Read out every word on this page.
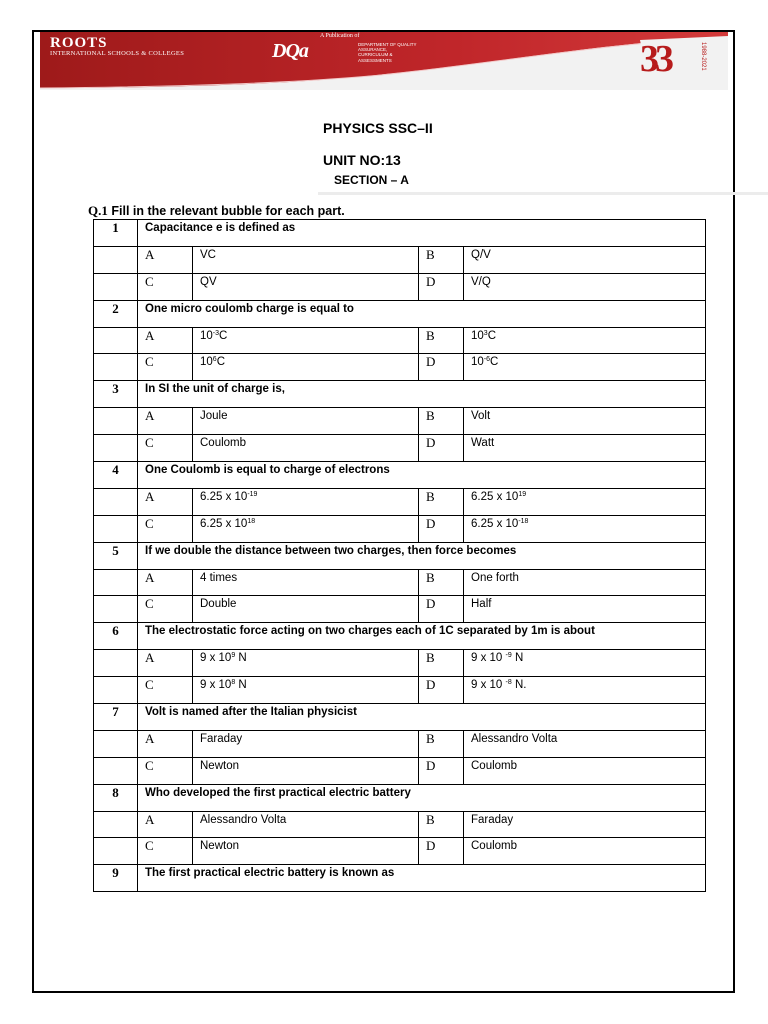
ROOTS
INTERNATIONAL SCHOOLS & COLLEGES
A Publication of
DQa	DEPARTMENT OF QUALITY ASSURANCE, CURRICULUM & ASSESSMENTS	33	1988-2021
PHYSICS SSC–II
UNIT NO:13
SECTION – A
Q.1 Fill in the relevant bubble for each part.
1	Capacitance e is defined as			
	A	VC	B	Q/V
	C	QV	D	V/Q
2	One micro coulomb charge is equal to			
	A	$10^{-3}C$	B	$10^3C$
	C	$10^6C$	D	$10^{-6}C$
3	In SI the unit of charge is,			
	A	Joule	B	Volt
	C	Coulomb	D	Watt
4	One Coulomb is equal to charge of electrons			
	A	6.25 x $10^{-19}$	B	6.25 x $10^{19}$
	C	6.25 x $10^{18}$	D	6.25 x $10^{-18}$
5	If we double the distance between two charges, then force becomes			
	A	4 times	B	One forth
	C	Double	D	Half
6	The electrostatic force acting on two charges each of 1C separated by 1m is about			
	A	9 x $10^9$ N	B	9 x 10 $^{-9}$ N
	C	9 x $10^8$ N	D	9 x 10 $^{-8}$ N.
7	Volt is named after the Italian physicist			
	A	Faraday	B	Alessandro Volta
	C	Newton	D	Coulomb
8	Who developed the first practical electric battery			
	A	Alessandro Volta	B	Faraday
	C	Newton	D	Coulomb
9	The first practical electric battery is known as			
